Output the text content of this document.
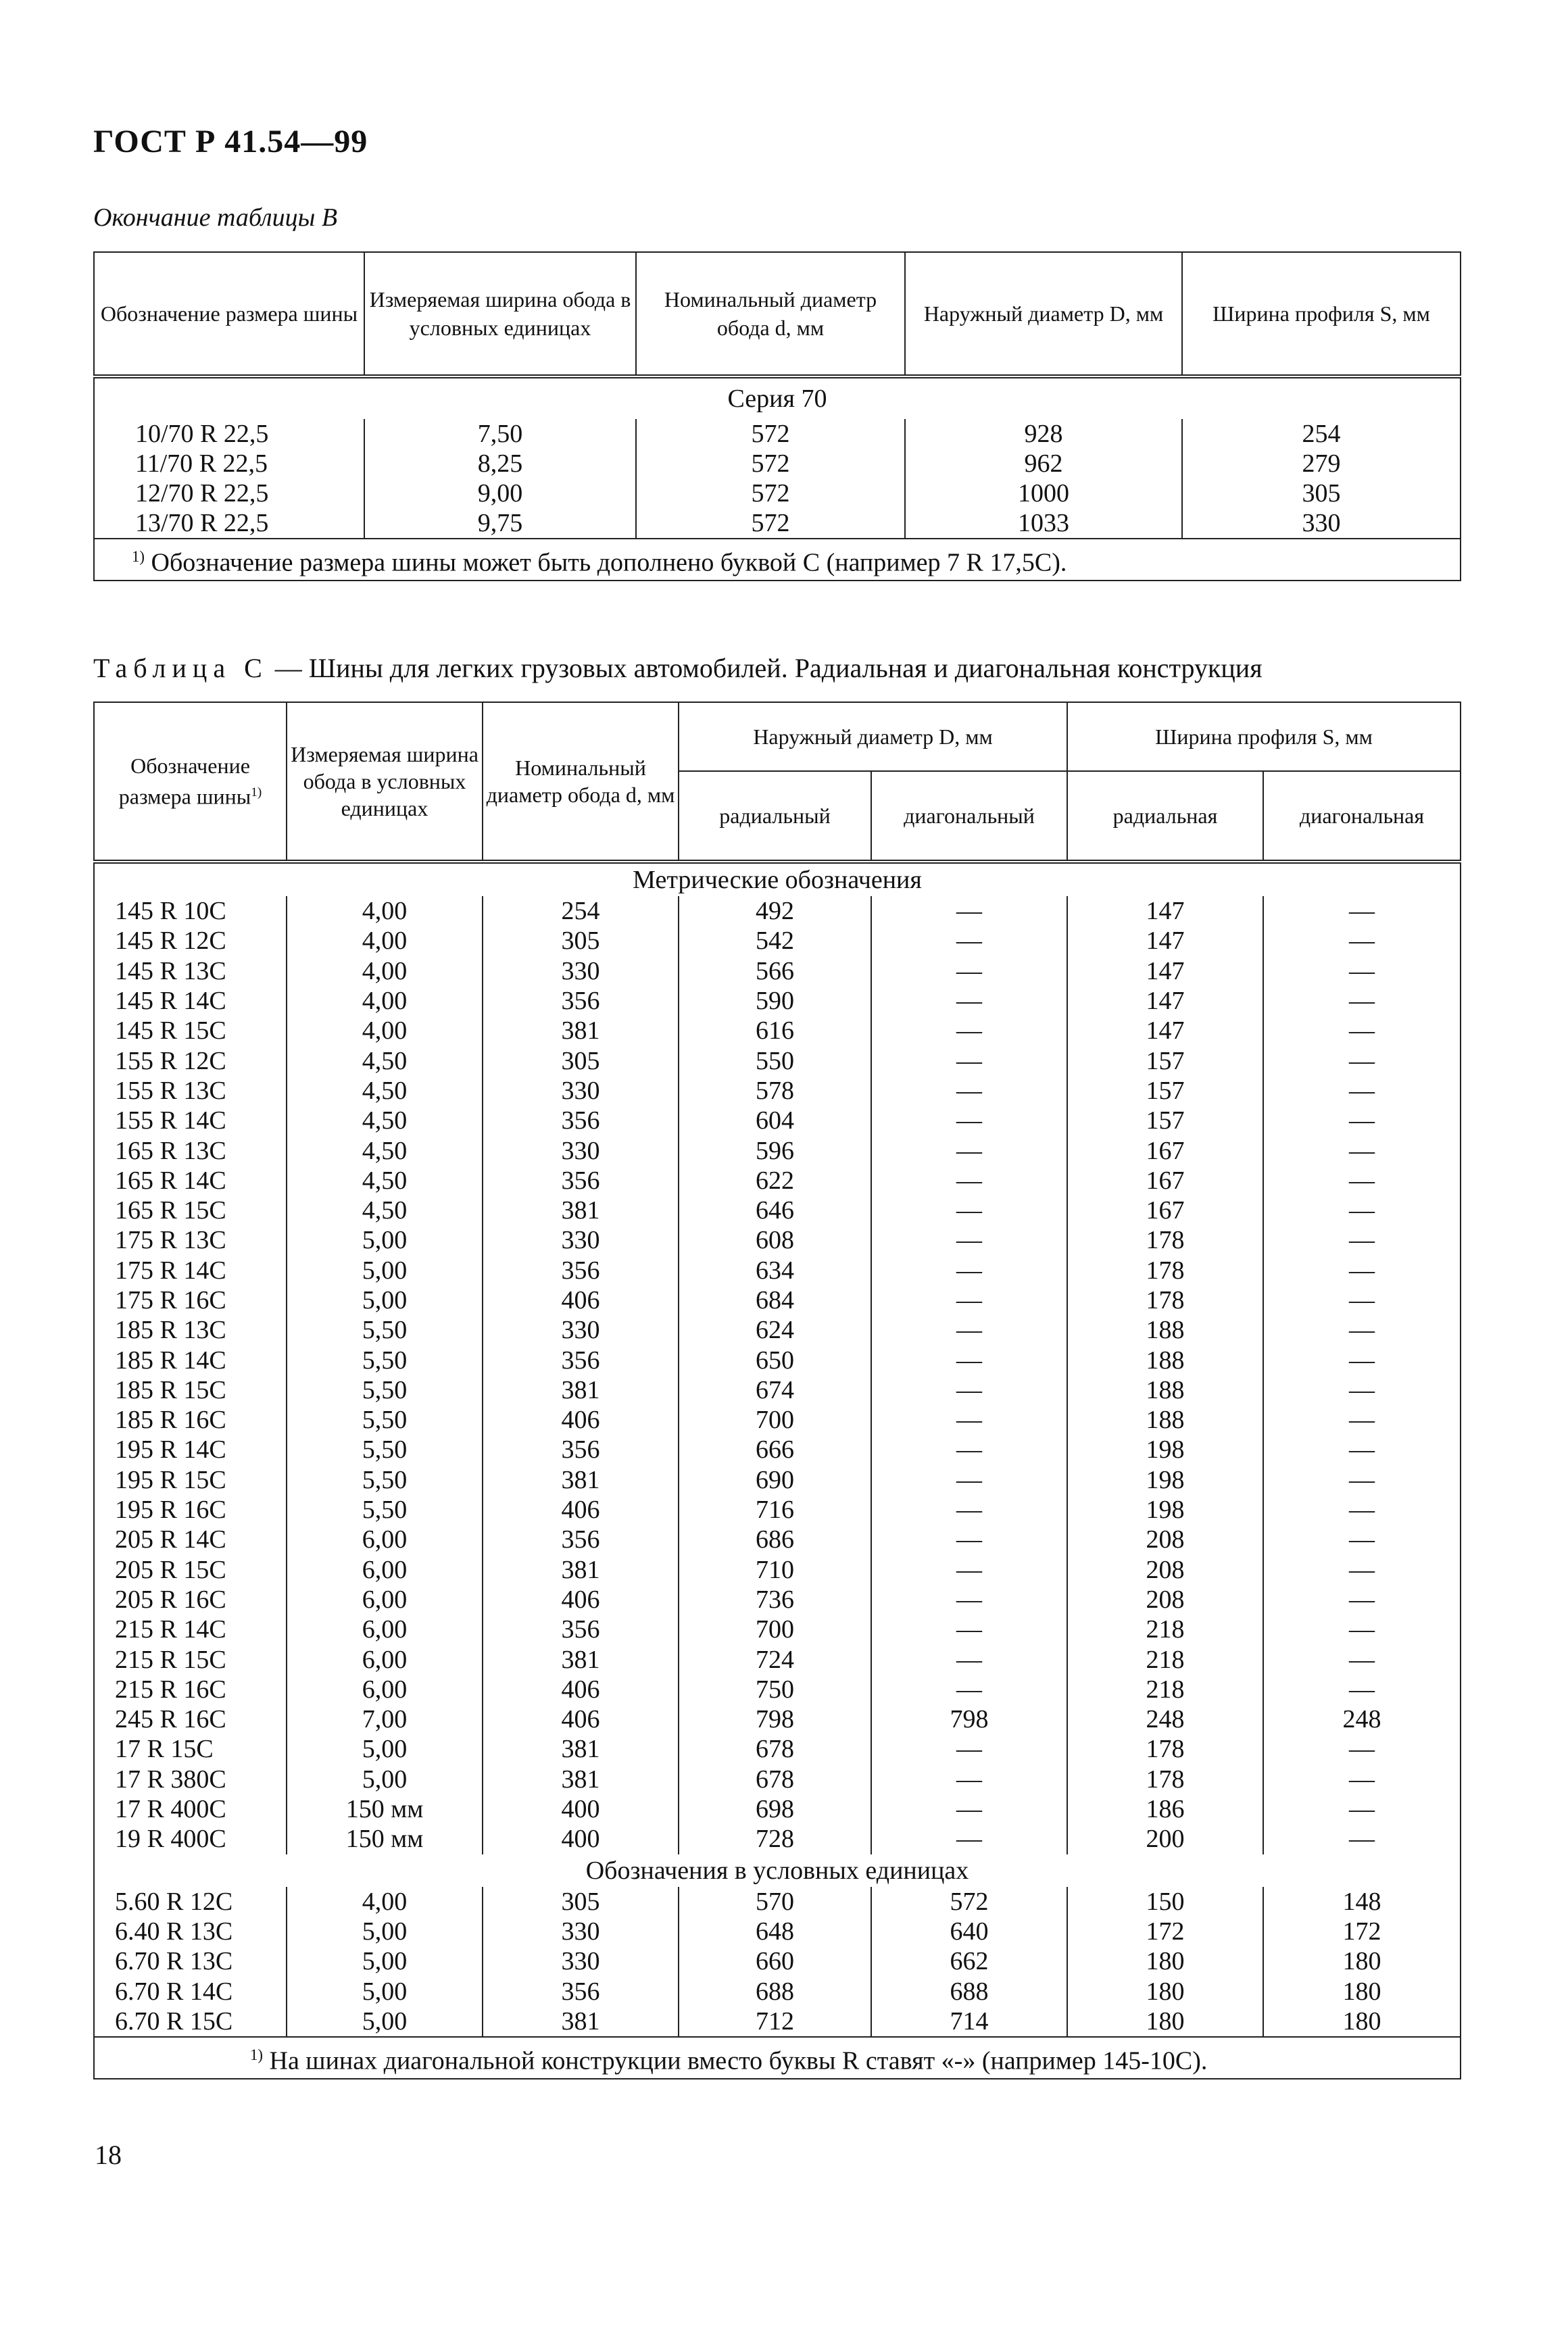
ГОСТ Р 41.54—99
Окончание таблицы B
Обозначение размера шины	Измеряемая ширина обода в условных единицах	Номинальный диаметр обода d, мм	Наружный диаметр D, мм	Ширина профиля S, мм
Серия 70				
10/70 R 22,5	7,50	572	928	254
11/70 R 22,5	8,25	572	962	279
12/70 R 22,5	9,00	572	1000	305
13/70 R 22,5	9,75	572	1033	330
$^{1)}$ Обозначение размера шины может быть дополнено буквой С (например 7 R 17,5С).				
Таблица С — Шины для легких грузовых автомобилей. Радиальная и диагональная конструкция
Обозначение размера шины$^{1)}$	Измеряемая ширина обода в условных единицах	Номинальный диаметр обода d, мм	Наружный диаметр D, мм		Ширина профиля S, мм	
			радиальный	диагональный	радиальная	диагональная
Метрические обозначения						
145 R 10C	4,00	254	492	—	147	—
145 R 12C	4,00	305	542	—	147	—
145 R 13C	4,00	330	566	—	147	—
145 R 14C	4,00	356	590	—	147	—
145 R 15C	4,00	381	616	—	147	—
155 R 12C	4,50	305	550	—	157	—
155 R 13C	4,50	330	578	—	157	—
155 R 14C	4,50	356	604	—	157	—
165 R 13C	4,50	330	596	—	167	—
165 R 14C	4,50	356	622	—	167	—
165 R 15C	4,50	381	646	—	167	—
175 R 13C	5,00	330	608	—	178	—
175 R 14C	5,00	356	634	—	178	—
175 R 16C	5,00	406	684	—	178	—
185 R 13C	5,50	330	624	—	188	—
185 R 14C	5,50	356	650	—	188	—
185 R 15C	5,50	381	674	—	188	—
185 R 16C	5,50	406	700	—	188	—
195 R 14C	5,50	356	666	—	198	—
195 R 15C	5,50	381	690	—	198	—
195 R 16C	5,50	406	716	—	198	—
205 R 14C	6,00	356	686	—	208	—
205 R 15C	6,00	381	710	—	208	—
205 R 16C	6,00	406	736	—	208	—
215 R 14C	6,00	356	700	—	218	—
215 R 15C	6,00	381	724	—	218	—
215 R 16C	6,00	406	750	—	218	—
245 R 16C	7,00	406	798	798	248	248
17 R 15C	5,00	381	678	—	178	—
17 R 380C	5,00	381	678	—	178	—
17 R 400C	150 мм	400	698	—	186	—
19 R 400C	150 мм	400	728	—	200	—
Обозначения в условных единицах						
5.60 R 12C	4,00	305	570	572	150	148
6.40 R 13C	5,00	330	648	640	172	172
6.70 R 13C	5,00	330	660	662	180	180
6.70 R 14C	5,00	356	688	688	180	180
6.70 R 15C	5,00	381	712	714	180	180
$^{1)}$ На шинах диагональной конструкции вместо буквы R ставят «-» (например 145-10С).						
18
